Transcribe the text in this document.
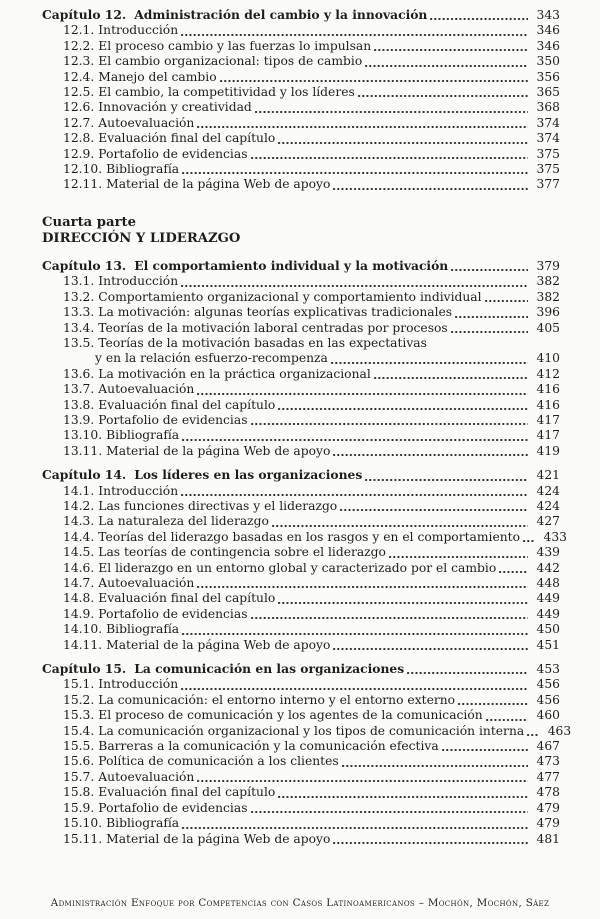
Capítulo 12. Administración del cambio y la innovación	343
12.1. Introducción	346
12.2. El proceso cambio y las fuerzas lo impulsan	346
12.3. El cambio organizacional: tipos de cambio	350
12.4. Manejo del cambio	356
12.5. El cambio, la competitividad y los líderes	365
12.6. Innovación y creatividad	368
12.7. Autoevaluación	374
12.8. Evaluación final del capítulo	374
12.9. Portafolio de evidencias	375
12.10. Bibliografía	375
12.11. Material de la página Web de apoyo	377
Cuarta parte
DIRECCIÓN Y LIDERAZGO
Capítulo 13. El comportamiento individual y la motivación	379
13.1. Introducción	382
13.2. Comportamiento organizacional y comportamiento individual	382
13.3. La motivación: algunas teorías explicativas tradicionales	396
13.4. Teorías de la motivación laboral centradas por procesos	405
13.5. Teorías de la motivación basadas en las expectativas
y en la relación esfuerzo-recompenza	410
13.6. La motivación en la práctica organizacional	412
13.7. Autoevaluación	416
13.8. Evaluación final del capítulo	416
13.9. Portafolio de evidencias	417
13.10. Bibliografía	417
13.11. Material de la página Web de apoyo	419
Capítulo 14. Los líderes en las organizaciones	421
14.1. Introducción	424
14.2. Las funciones directivas y el liderazgo	424
14.3. La naturaleza del liderazgo	427
14.4. Teorías del liderazgo basadas en los rasgos y en el comportamiento	433
14.5. Las teorías de contingencia sobre el liderazgo	439
14.6. El liderazgo en un entorno global y caracterizado por el cambio	442
14.7. Autoevaluación	448
14.8. Evaluación final del capítulo	449
14.9. Portafolio de evidencias	449
14.10. Bibliografía	450
14.11. Material de la página Web de apoyo	451
Capítulo 15. La comunicación en las organizaciones	453
15.1. Introducción	456
15.2. La comunicación: el entorno interno y el entorno externo	456
15.3. El proceso de comunicación y los agentes de la comunicación	460
15.4. La comunicación organizacional y los tipos de comunicación interna	463
15.5. Barreras a la comunicación y la comunicación efectiva	467
15.6. Política de comunicación a los clientes	473
15.7. Autoevaluación	477
15.8. Evaluación final del capítulo	478
15.9. Portafolio de evidencias	479
15.10. Bibliografía	479
15.11. Material de la página Web de apoyo	481
Administración Enfoque por Competencias con Casos Latinoamericanos – Mochón, Mochón, Sáez
